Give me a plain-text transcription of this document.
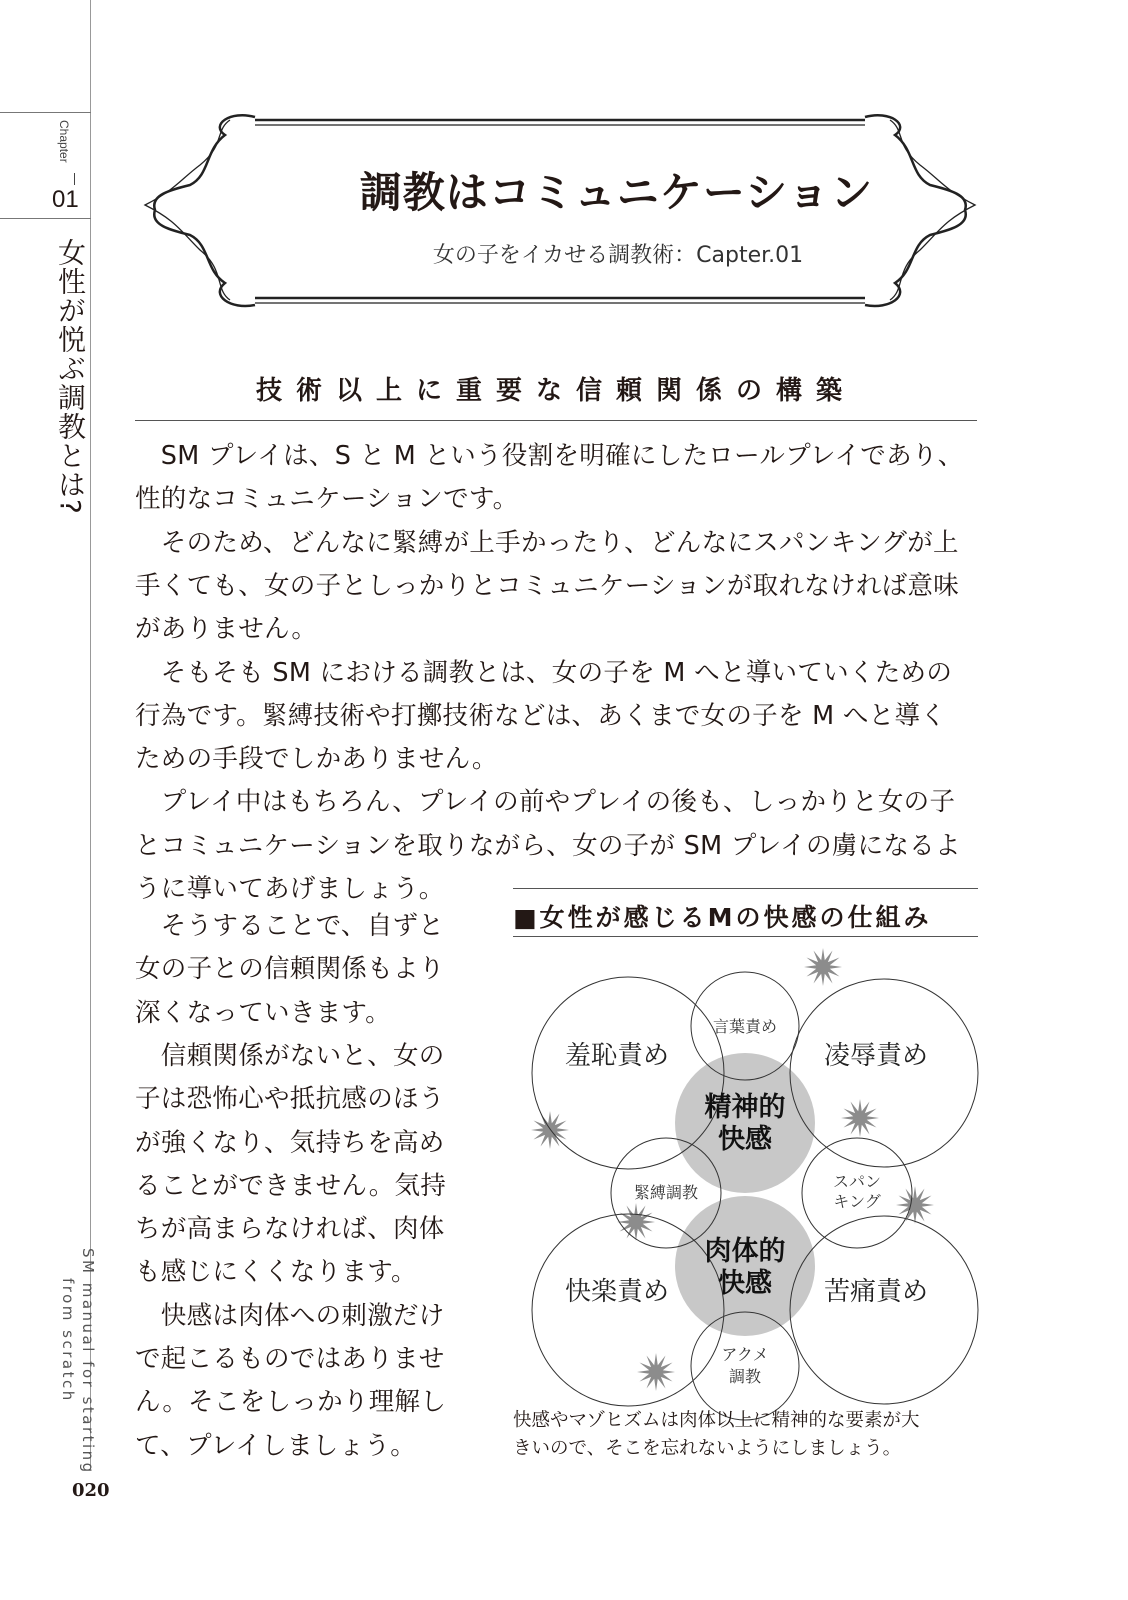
Chapter
01
女性が悦ぶ調教とは?
SM manual for starting
from scratch
020
調教はコミュニケーション
女の子をイカせる調教術：Capter.01
技術以上に重要な信頼関係の構築
　SM プレイは、S と M という役割を明確にしたロールプレイであり、
性的なコミュニケーションです。
　そのため、どんなに緊縛が上手かったり、どんなにスパンキングが上
手くても、女の子としっかりとコミュニケーションが取れなければ意味
がありません。
　そもそも SM における調教とは、女の子を M へと導いていくための
行為です。緊縛技術や打擲技術などは、あくまで女の子を M へと導く
ための手段でしかありません。
　プレイ中はもちろん、プレイの前やプレイの後も、しっかりと女の子
とコミュニケーションを取りながら、女の子が SM プレイの虜になるよ
うに導いてあげましょう。
　そうすることで、自ずと
女の子との信頼関係もより
深くなっていきます。
　信頼関係がないと、女の
子は恐怖心や抵抗感のほう
が強くなり、気持ちを高め
ることができません。気持
ちが高まらなければ、肉体
も感じにくくなります。
　快感は肉体への刺激だけ
で起こるものではありませ
ん。そこをしっかり理解し
て、プレイしましょう。
■女性が感じるMの快感の仕組み
羞恥責め	凌辱責め
快楽責め	苦痛責め
言葉責め
緊縛調教
スパン
キング
アクメ
調教
精神的
快感
肉体的
快感
快感やマゾヒズムは肉体以上に精神的な要素が大
きいので、そこを忘れないようにしましょう。
